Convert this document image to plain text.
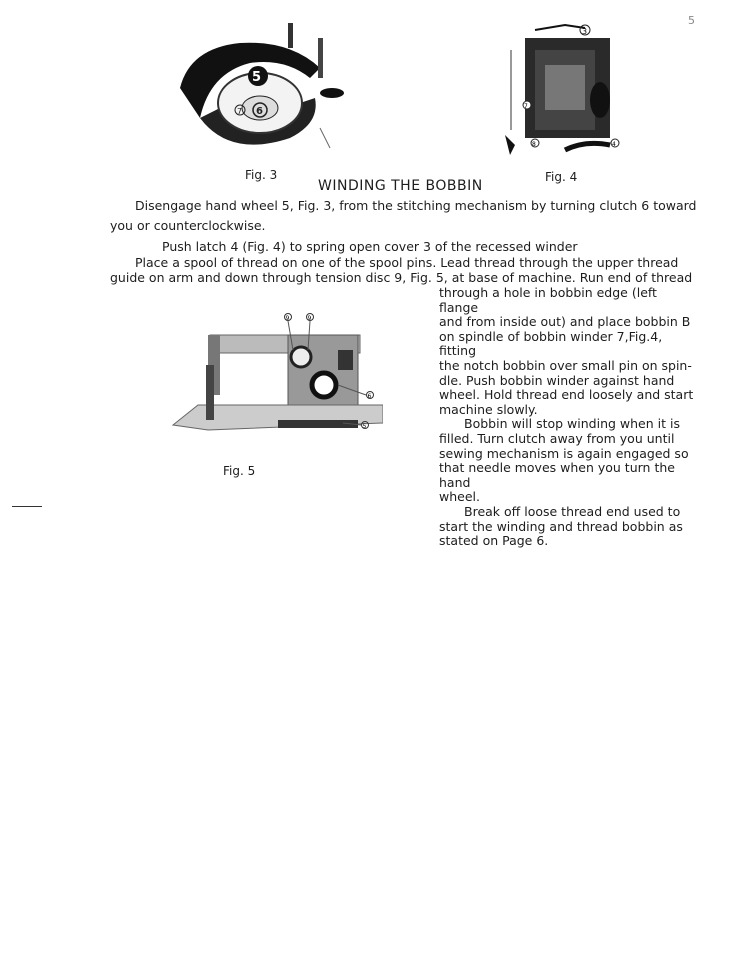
5
5
7 6
Fig. 3
3
7
8	4
Fig. 4
WINDING THE BOBBIN
Disengage hand wheel 5, Fig. 3, from the stitching mechanism by turning clutch 6 toward
you or counterclockwise.
Push latch 4 (Fig. 4) to spring open cover 3 of the recessed winder
Place a spool of thread on one of the spool pins. Lead thread through the upper thread
guide on arm and down through tension disc 9, Fig. 5, at base of machine. Run end of thread

through a hole in bobbin edge (left flange

and from inside out) and place bobbin B

on spindle of bobbin winder 7,Fig.4, fitting

the notch bobbin over small pin on spin-

dle. Push bobbin winder against hand

wheel. Hold thread end loosely and start

machine slowly.

Bobbin will stop winding when it is

filled. Turn clutch away from you until

sewing mechanism is again engaged so

that needle moves when you turn the hand

wheel.

Break off loose thread end used to

start the winding and thread bobbin as

stated on Page 6.

9	9
6
5
Fig. 5
